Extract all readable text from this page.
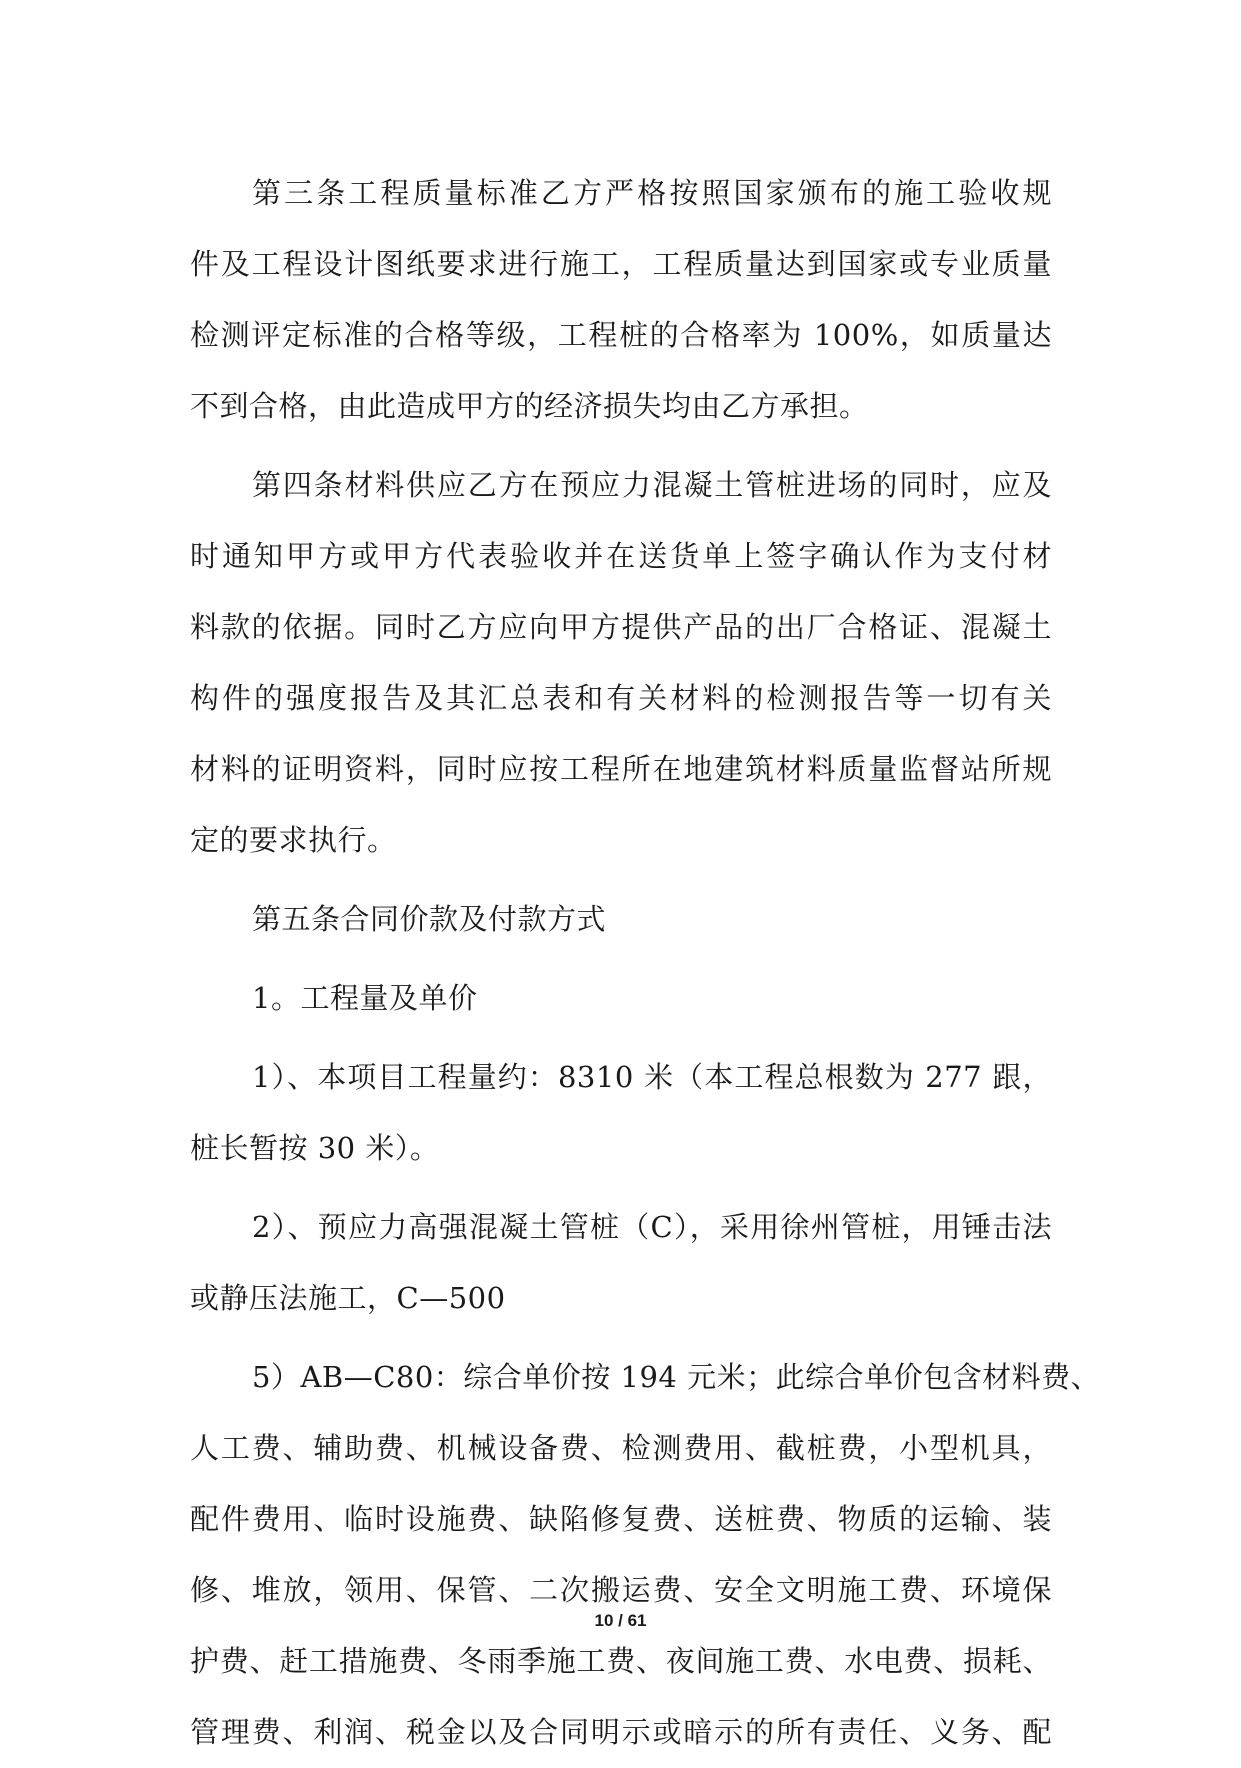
第三条工程质量标准乙方严格按照国家颁布的施工验收规
件及工程设计图纸要求进行施工，工程质量达到国家或专业质量
检测评定标准的合格等级，工程桩的合格率为 100%，如质量达
不到合格，由此造成甲方的经济损失均由乙方承担。
第四条材料供应乙方在预应力混凝土管桩进场的同时，应及
时通知甲方或甲方代表验收并在送货单上签字确认作为支付材
料款的依据。同时乙方应向甲方提供产品的出厂合格证、混凝土
构件的强度报告及其汇总表和有关材料的检测报告等一切有关
材料的证明资料，同时应按工程所在地建筑材料质量监督站所规
定的要求执行。
第五条合同价款及付款方式
1。工程量及单价
1）、本项目工程量约：8310 米（本工程总根数为 277 跟，
桩长暂按 30 米）。
2）、预应力高强混凝土管桩（C），采用徐州管桩，用锤击法
或静压法施工，C—500
5）AB—C80：综合单价按 194 元米；此综合单价包含材料费、
人工费、辅助费、机械设备费、检测费用、截桩费，小型机具，
配件费用、临时设施费、缺陷修复费、送桩费、物质的运输、装
修、堆放，领用、保管、二次搬运费、安全文明施工费、环境保
护费、赶工措施费、冬雨季施工费、夜间施工费、水电费、损耗、
管理费、利润、税金以及合同明示或暗示的所有责任、义务、配
10 / 61
